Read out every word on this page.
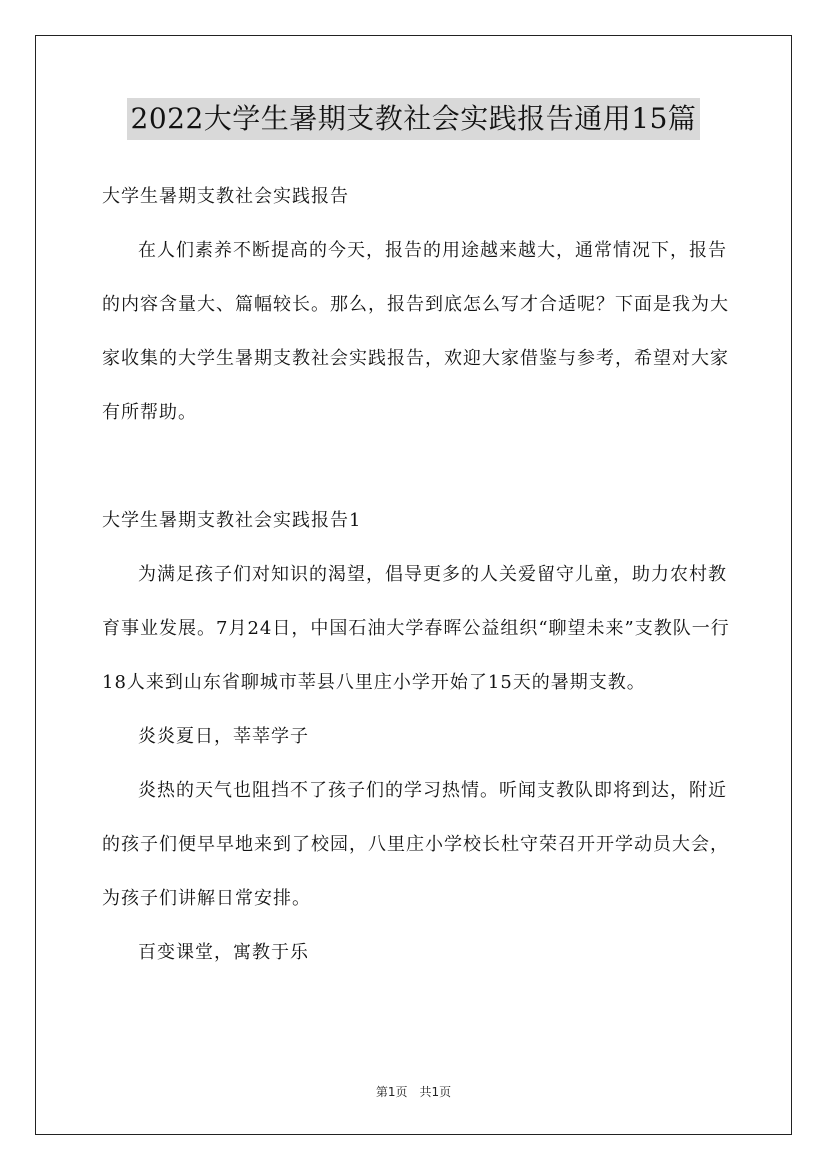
2022大学生暑期支教社会实践报告通用15篇

大学生暑期支教社会实践报告

在人们素养不断提高的今天，报告的用途越来越大，通常情况下，报告的内容含量大、篇幅较长。那么，报告到底怎么写才合适呢？下面是我为大家收集的大学生暑期支教社会实践报告，欢迎大家借鉴与参考，希望对大家有所帮助。

大学生暑期支教社会实践报告1

为满足孩子们对知识的渴望，倡导更多的人关爱留守儿童，助力农村教育事业发展。7月24日，中国石油大学春晖公益组织“聊望未来”支教队一行18人来到山东省聊城市莘县八里庄小学开始了15天的暑期支教。

炎炎夏日，莘莘学子

炎热的天气也阻挡不了孩子们的学习热情。听闻支教队即将到达，附近的孩子们便早早地来到了校园，八里庄小学校长杜守荣召开开学动员大会，为孩子们讲解日常安排。

百变课堂，寓教于乐

第1页　共1页
